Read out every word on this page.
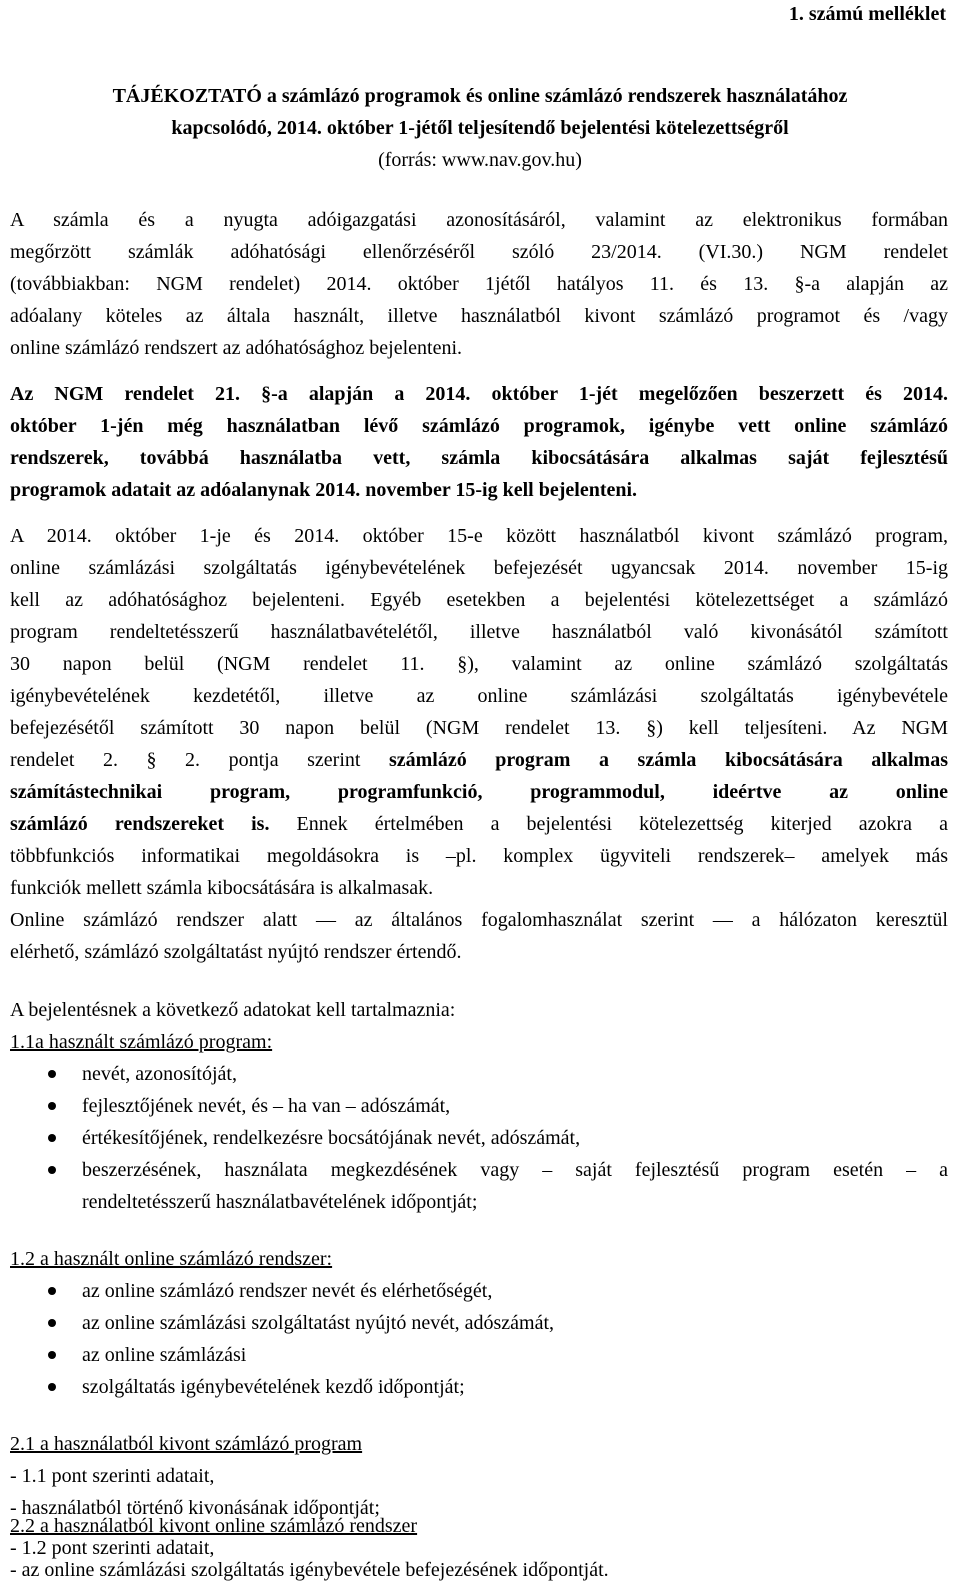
1. számú melléklet
TÁJÉKOZTATÓ a számlázó programok és online számlázó rendszerek használatához
kapcsolódó, 2014. október 1-jétől teljesítendő bejelentési kötelezettségről
(forrás: www.nav.gov.hu)
A számla és a nyugta adóigazgatási azonosításáról, valamint az elektronikus formában
megőrzött számlák adóhatósági ellenőrzéséről szóló 23/2014. (VI.30.) NGM rendelet
(továbbiakban: NGM rendelet) 2014. október 1jétől hatályos 11. és 13. §-a alapján az
adóalany köteles az általa használt, illetve használatból kivont számlázó programot és /vagy
online számlázó rendszert az adóhatósághoz bejelenteni.
Az NGM rendelet 21. §-a alapján a 2014. október 1-jét megelőzően beszerzett és 2014.
október 1-jén még használatban lévő számlázó programok, igénybe vett online számlázó
rendszerek, továbbá használatba vett, számla kibocsátására alkalmas saját fejlesztésű
programok adatait az adóalanynak 2014. november 15-ig kell bejelenteni.
A 2014. október 1-je és 2014. október 15-e között használatból kivont számlázó program,
online számlázási szolgáltatás igénybevételének befejezését ugyancsak 2014. november 15-ig
kell az adóhatósághoz bejelenteni. Egyéb esetekben a bejelentési kötelezettséget a számlázó
program rendeltetésszerű használatbavételétől, illetve használatból való kivonásától számított
30 napon belül (NGM rendelet 11. §), valamint az online számlázó szolgáltatás
igénybevételének kezdetétől, illetve az online számlázási szolgáltatás igénybevétele
befejezésétől számított 30 napon belül (NGM rendelet 13. §) kell teljesíteni. Az NGM
rendelet 2. § 2. pontja szerint számlázó program a számla kibocsátására alkalmas
számítástechnikai program, programfunkció, programmodul, ideértve az online
számlázó rendszereket is. Ennek értelmében a bejelentési kötelezettség kiterjed azokra a
többfunkciós informatikai megoldásokra is –pl. komplex ügyviteli rendszerek– amelyek más
funkciók mellett számla kibocsátására is alkalmasak.
Online számlázó rendszer alatt — az általános fogalomhasználat szerint — a hálózaton keresztül
elérhető, számlázó szolgáltatást nyújtó rendszer értendő.
A bejelentésnek a következő adatokat kell tartalmaznia:
1.1a használt számlázó program:
nevét, azonosítóját,
fejlesztőjének nevét, és – ha van – adószámát,
értékesítőjének, rendelkezésre bocsátójának nevét, adószámát,
beszerzésének, használata megkezdésének vagy – saját fejlesztésű program esetén – a
rendeltetésszerű használatbavételének időpontját;
1.2 a használt online számlázó rendszer:
az online számlázó rendszer nevét és elérhetőségét,
az online számlázási szolgáltatást nyújtó nevét, adószámát,
az online számlázási
szolgáltatás igénybevételének kezdő időpontját;
2.1 a használatból kivont számlázó program
- 1.1 pont szerinti adatait,
- használatból történő kivonásának időpontját;
2.2 a használatból kivont online számlázó rendszer
- 1.2 pont szerinti adatait,
- az online számlázási szolgáltatás igénybevétele befejezésének időpontját.
